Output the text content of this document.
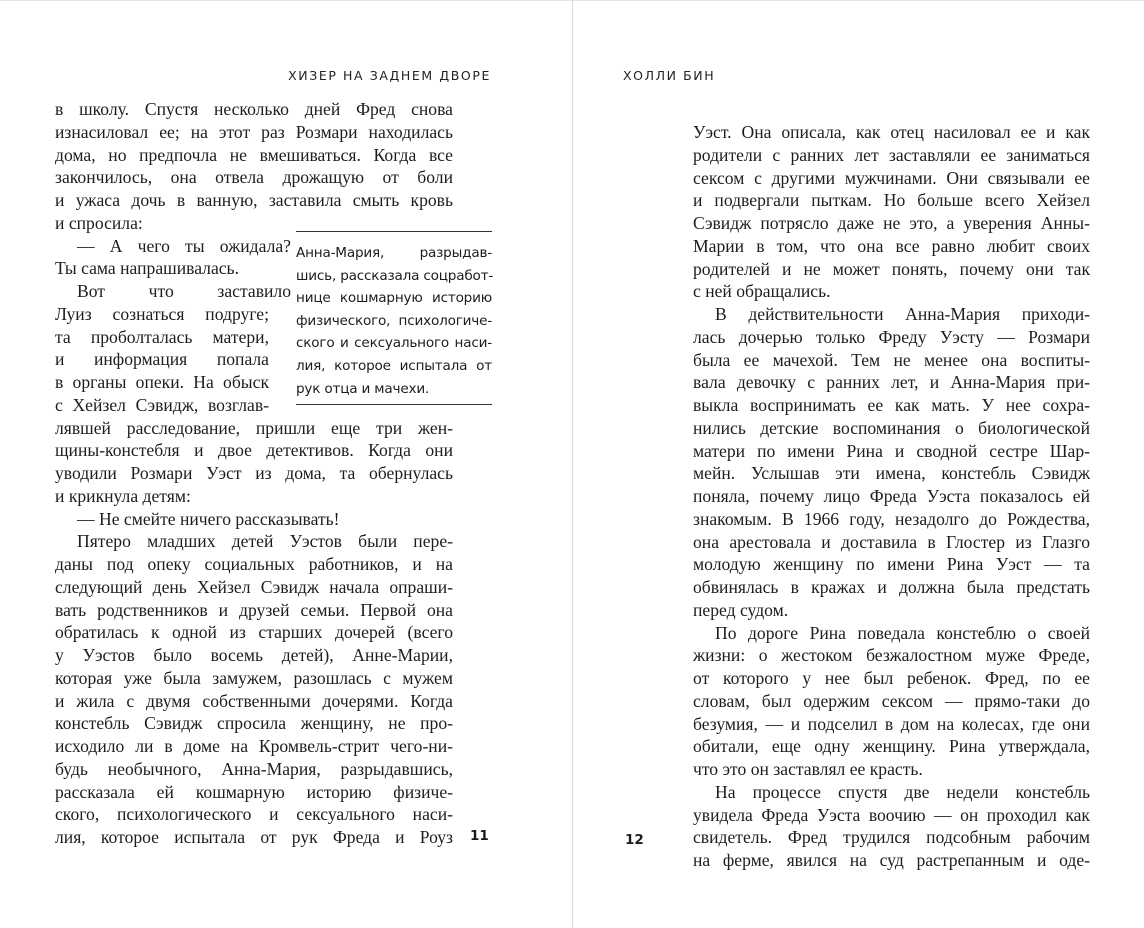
ХИЗЕР НА ЗАДНЕМ ДВОРЕ
в школу. Спустя несколько дней Фред снова
изнасиловал ее; на этот раз Розмари находилась
дома, но предпочла не вмешиваться. Когда все
закончилось, она отвела дрожащую от боли
и ужаса дочь в ванную, заставила смыть кровь
и спросила:
— А чего ты ожидала?
Ты сама напрашивалась.
Вот что заставило
Луиз сознаться подруге;
та проболталась матери,
и информация попала
в органы опеки. На обыск
с Хейзел Сэвидж, возглав-
лявшей расследование, пришли еще три жен-
щины-констебля и двое детективов. Когда они
уводили Розмари Уэст из дома, та обернулась
и крикнула детям:
— Не смейте ничего рассказывать!
Пятеро младших детей Уэстов были пере-
даны под опеку социальных работников, и на
следующий день Хейзел Сэвидж начала опраши-
вать родственников и друзей семьи. Первой она
обратилась к одной из старших дочерей (всего
у Уэстов было восемь детей), Анне-Марии,
которая уже была замужем, разошлась с мужем
и жила с двумя собственными дочерями. Когда
констебль Сэвидж спросила женщину, не про-
исходило ли в доме на Кромвель-стрит чего-ни-
будь необычного, Анна-Мария, разрыдавшись,
рассказала ей кошмарную историю физиче-
ского, психологического и сексуального наси-
лия, которое испытала от рук Фреда и Роуз
Анна-Мария, разрыдав-
шись, рассказала соцработ-
нице кошмарную историю
физического, психологиче-
ского и сексуального наси-
лия, которое испытала от
рук отца и мачехи.
11
ХОЛЛИ БИН
Уэст. Она описала, как отец насиловал ее и как
родители с ранних лет заставляли ее заниматься
сексом с другими мужчинами. Они связывали ее
и подвергали пыткам. Но больше всего Хейзел
Сэвидж потрясло даже не это, а уверения Анны-
Марии в том, что она все равно любит своих
родителей и не может понять, почему они так
с ней обращались.
В действительности Анна-Мария приходи-
лась дочерью только Фреду Уэсту — Розмари
была ее мачехой. Тем не менее она воспиты-
вала девочку с ранних лет, и Анна-Мария при-
выкла воспринимать ее как мать. У нее сохра-
нились детские воспоминания о биологической
матери по имени Рина и сводной сестре Шар-
мейн. Услышав эти имена, констебль Сэвидж
поняла, почему лицо Фреда Уэста показалось ей
знакомым. В 1966 году, незадолго до Рождества,
она арестовала и доставила в Глостер из Глазго
молодую женщину по имени Рина Уэст — та
обвинялась в кражах и должна была предстать
перед судом.
По дороге Рина поведала констеблю о своей
жизни: о жестоком безжалостном муже Фреде,
от которого у нее был ребенок. Фред, по ее
словам, был одержим сексом — прямо-таки до
безумия, — и подселил в дом на колесах, где они
обитали, еще одну женщину. Рина утверждала,
что это он заставлял ее красть.
На процессе спустя две недели констебль
увидела Фреда Уэста воочию — он проходил как
свидетель. Фред трудился подсобным рабочим
на ферме, явился на суд растрепанным и оде-
12
